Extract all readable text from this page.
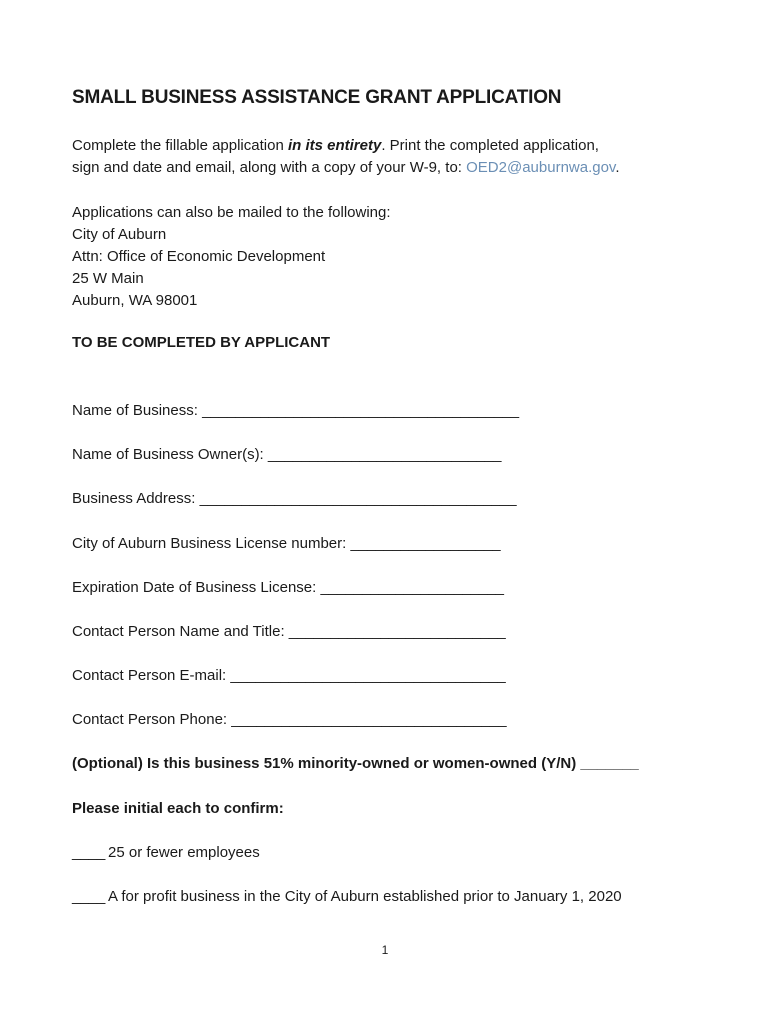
SMALL BUSINESS ASSISTANCE GRANT APPLICATION
Complete the fillable application in its entirety. Print the completed application,
sign and date and email, along with a copy of your W-9, to: OED2@auburnwa.gov.
Applications can also be mailed to the following:
City of Auburn
Attn: Office of Economic Development
25 W Main
Auburn, WA 98001
TO BE COMPLETED BY APPLICANT
Name of Business: ______________________________________
Name of Business Owner(s): ____________________________
Business Address: ______________________________________
City of Auburn Business License number: __________________
Expiration Date of Business License: ______________________
Contact Person Name and Title: __________________________
Contact Person E-mail: _________________________________
Contact Person Phone: _________________________________
(Optional) Is this business 51% minority-owned or women-owned (Y/N) _______
Please initial each to confirm:
____ 25 or fewer employees
____ A for profit business in the City of Auburn established prior to January 1, 2020
1
